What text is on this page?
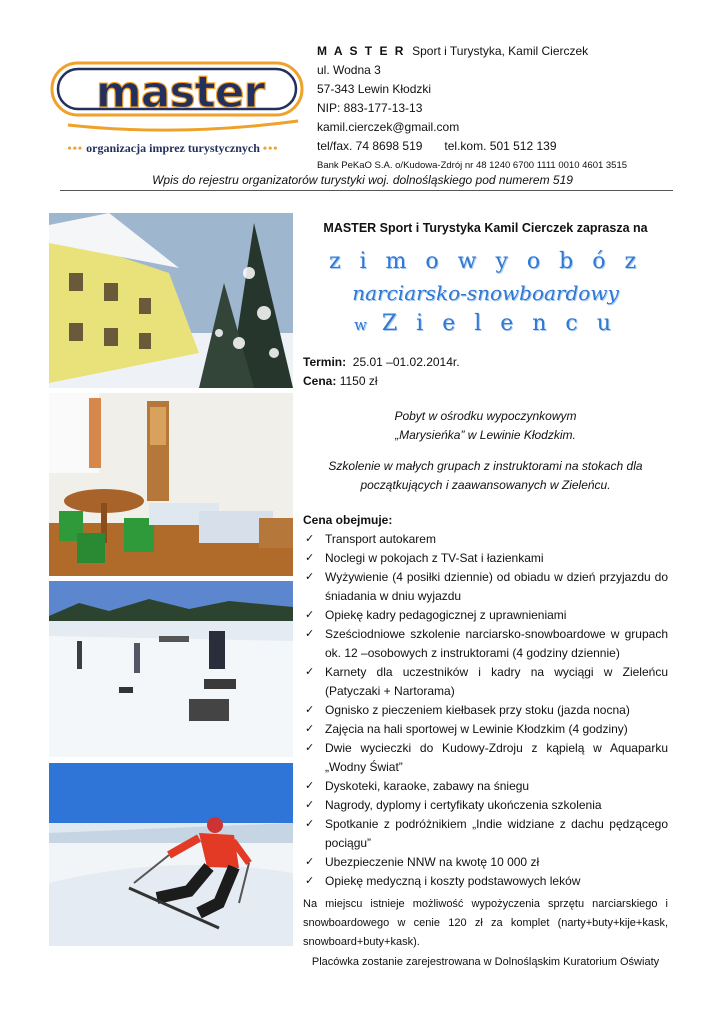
master
••• organizacja imprez turystycznych •••
M A S T E R Sport i Turystyka, Kamil Cierczek
ul. Wodna 3
57-343 Lewin Kłodzki
NIP: 883-177-13-13
kamil.cierczek@gmail.com
tel/fax. 74 8698 519 tel.kom. 501 512 139
Bank PeKaO S.A. o/Kudowa-Zdrój nr 48 1240 6700 1111 0010 4601 3515
Wpis do rejestru organizatorów turystyki woj. dolnośląskiego pod numerem 519
MASTER Sport i Turystyka Kamil Cierczek zaprasza na
z i m o w y o b ó z
narciarsko-snowboardowy
w Z i e l e n c u
Termin: 25.01 –01.02.2014r.
Cena: 1150 zł
Pobyt w ośrodku wypoczynkowym
„Marysieńka” w Lewinie Kłodzkim.
Szkolenie w małych grupach z instruktorami na stokach dla
początkujących i zaawansowanych w Zieleńcu.
Cena obejmuje:
✓ Transport autokarem
✓ Noclegi w pokojach z TV-Sat i łazienkami
✓ Wyżywienie (4 posiłki dziennie) od obiadu w dzień przyjazdu do śniadania w dniu wyjazdu
✓ Opiekę kadry pedagogicznej z uprawnieniami
✓ Sześciodniowe szkolenie narciarsko-snowboardowe w grupach ok. 12 –osobowych z instruktorami (4 godziny dziennie)
✓ Karnety dla uczestników i kadry na wyciągi w Zieleńcu (Patyczaki + Nartorama)
✓ Ognisko z pieczeniem kiełbasek przy stoku (jazda nocna)
✓ Zajęcia na hali sportowej w Lewinie Kłodzkim (4 godziny)
✓ Dwie wycieczki do Kudowy-Zdroju z kąpielą w Aquaparku „Wodny Świat”
✓ Dyskoteki, karaoke, zabawy na śniegu
✓ Nagrody, dyplomy i certyfikaty ukończenia szkolenia
✓ Spotkanie z podróżnikiem „Indie widziane z dachu pędzącego pociągu”
✓ Ubezpieczenie NNW na kwotę 10 000 zł
✓ Opiekę medyczną i koszty podstawowych leków
Na miejscu istnieje możliwość wypożyczenia sprzętu narciarskiego i snowboardowego w cenie 120 zł za komplet (narty+buty+kije+kask, snowboard+buty+kask).
Placówka zostanie zarejestrowana w Dolnośląskim Kuratorium Oświaty
